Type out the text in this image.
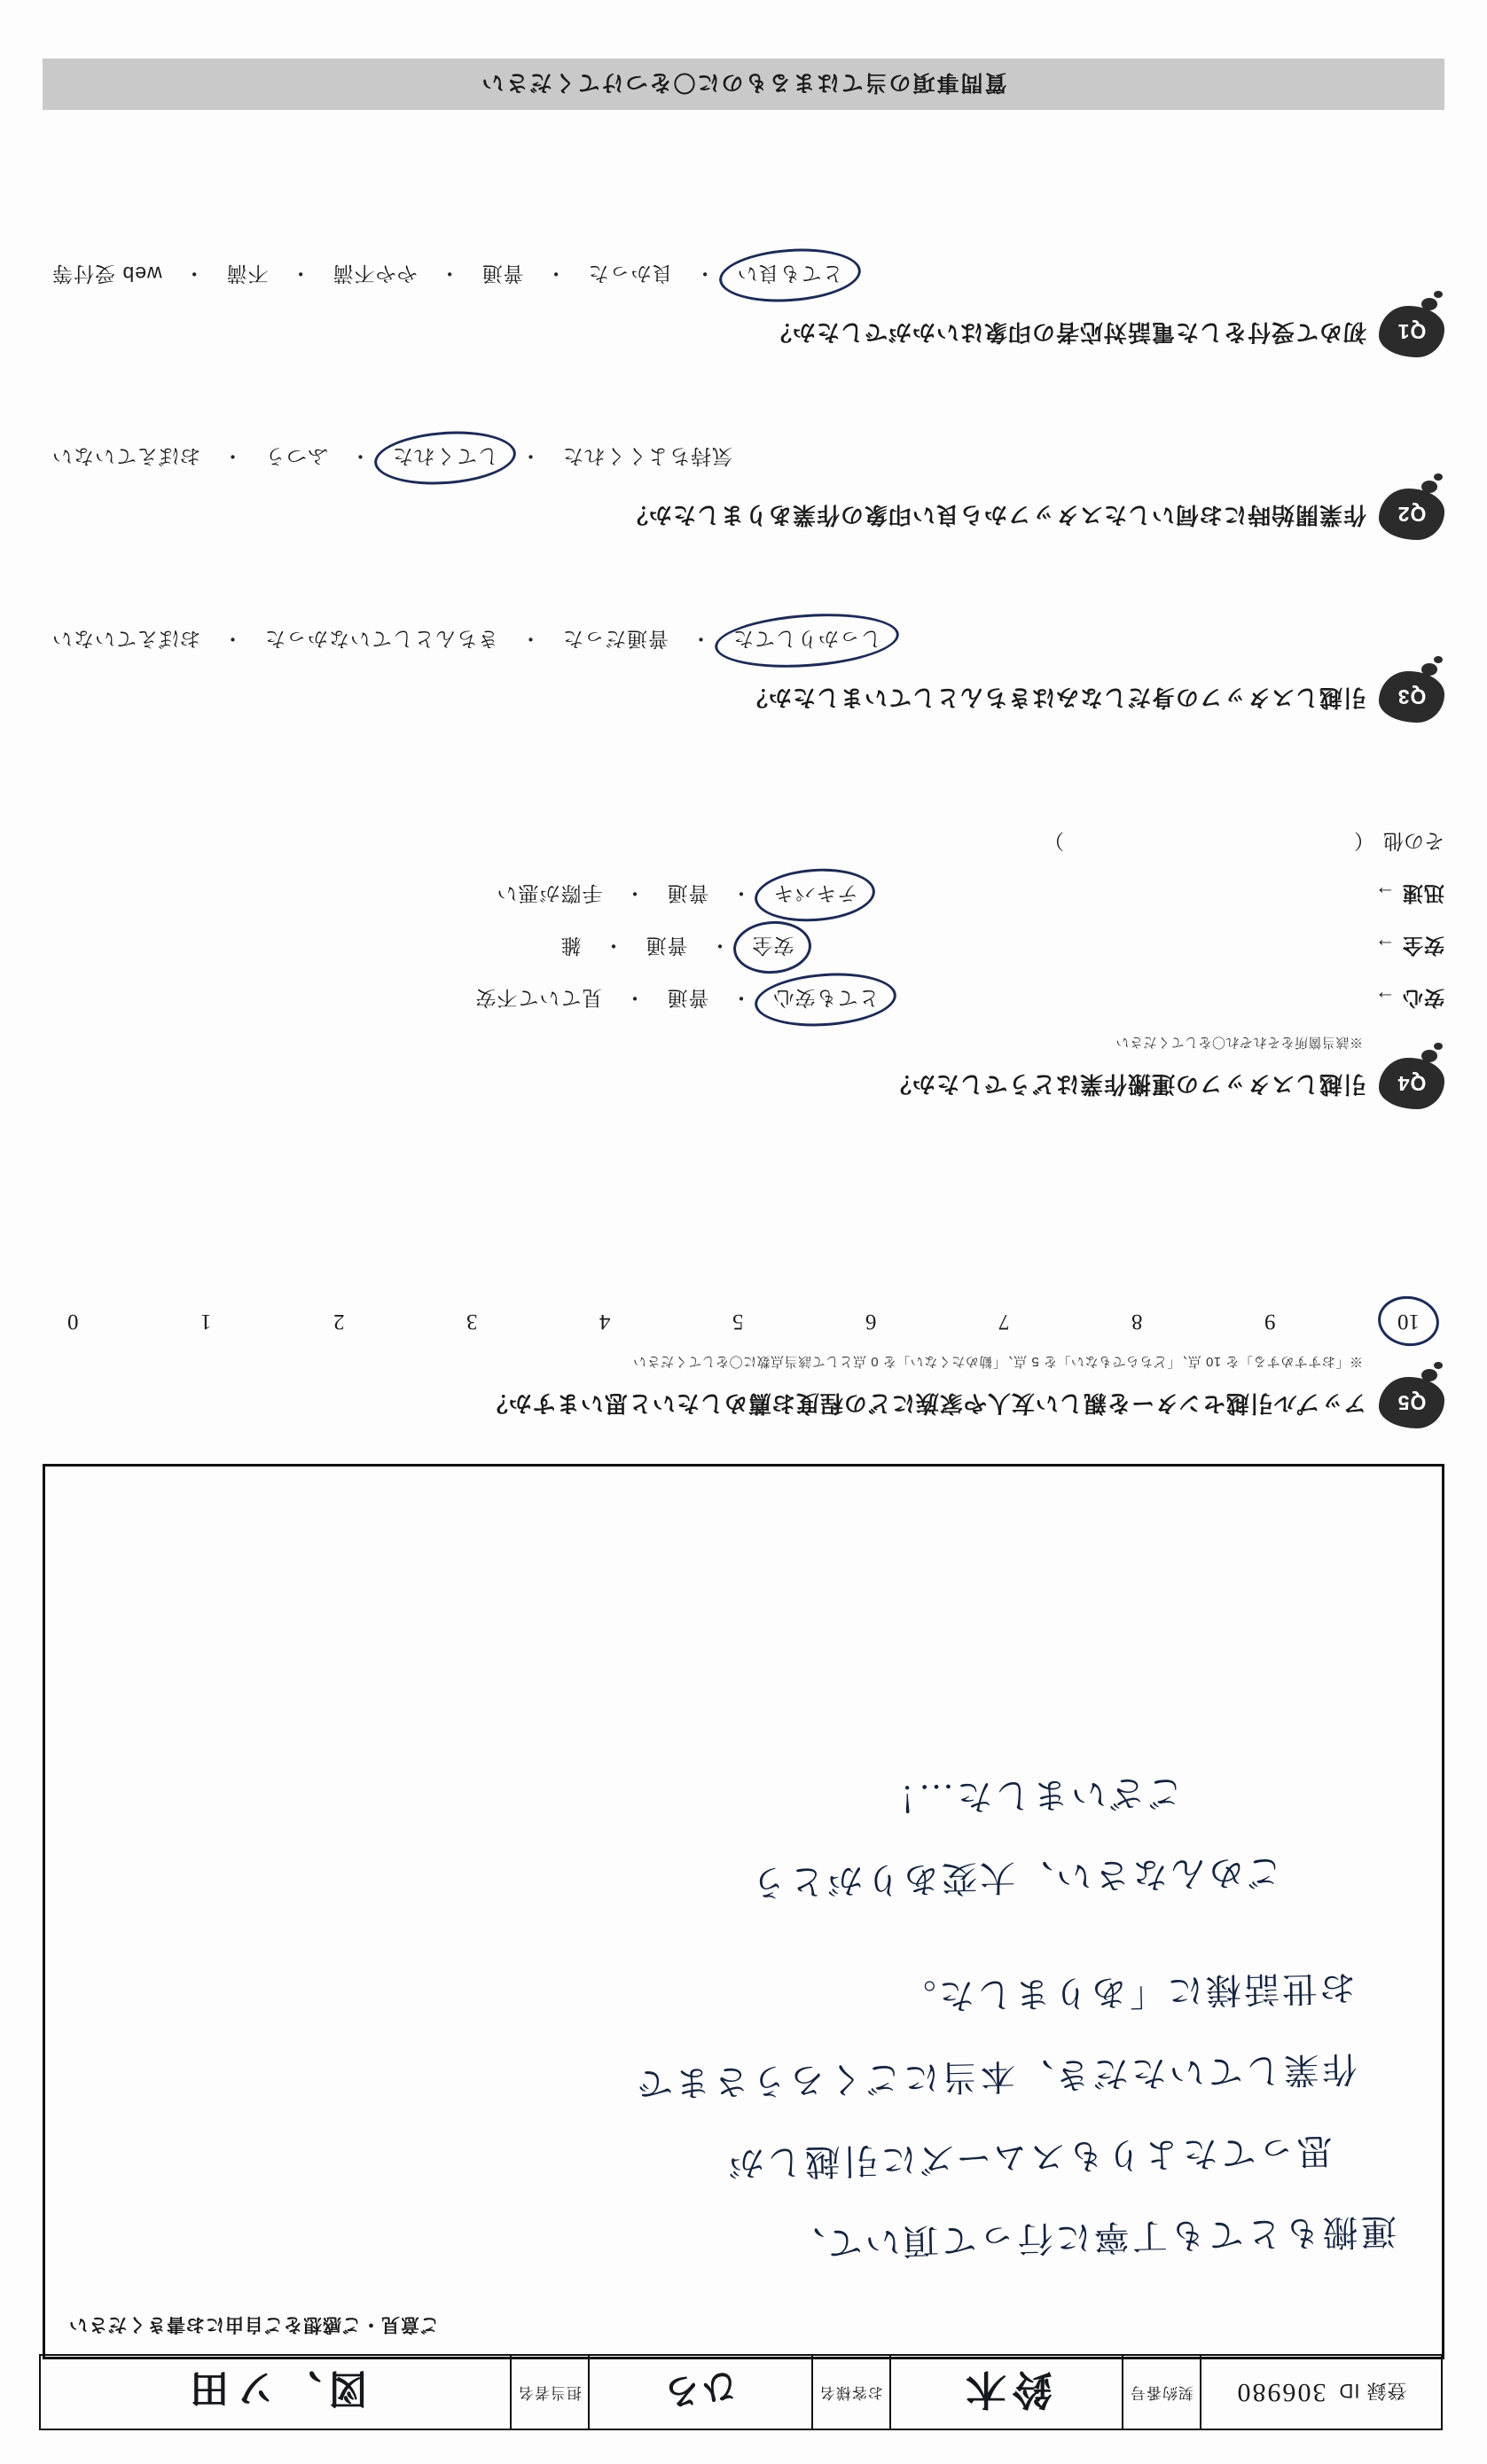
登録 ID
306980
契約番号
鈴木
お客様名
ひろ
担当者名
図、ソ田
ご意見・ご感想をご自由にお書きください
運搬もとても丁寧に行って頂いて、
思ってたよりもスムーズに引越しが
作業していただき、本当にごくろうさまで
お世話様に「ありました。
ごめんなさい、大変ありがとう
ございました…！
Q5
アップル引越センターを親しい友人や家族にどの程度お薦めしたいと思いますか？
※「おすすめする」を 10 点、「どちらでもない」を 5 点、「勧めたくない」を 0 点として該当点数に〇をしてください
10
9
8
7
6
5
4
3
2
1
0
Q4
引越しスタッフの運搬作業はどうでしたか？
※該当箇所をそれぞれ〇をしてください
安心 →
とても安心
・
普通
・
見ていて不安
安全 →
安全
・
普通
・
雑
迅速 →
テキパキ
・
普通
・
手際が悪い
その他
（　　　　　　　　　　　　　）
Q3
引越しスタッフの身だしなみはきちんとしていましたか？
しっかりしてた
・
普通だった
・
きちんとしていなかった
・
おぼえていない
Q2
作業開始時にお伺いしたスタッフから良い印象の作業ありましたか？
気持ちよくくれた
・
してくれた
・
ふつう
・
おぼえていない
Q1
初めて受付をした電話対応者の印象はいかがでしたか？
とても良い
・
良かった
・
普通
・
やや不満
・
不満
・
web 受付等
質問事項の当てはまるものに〇をつけてください
